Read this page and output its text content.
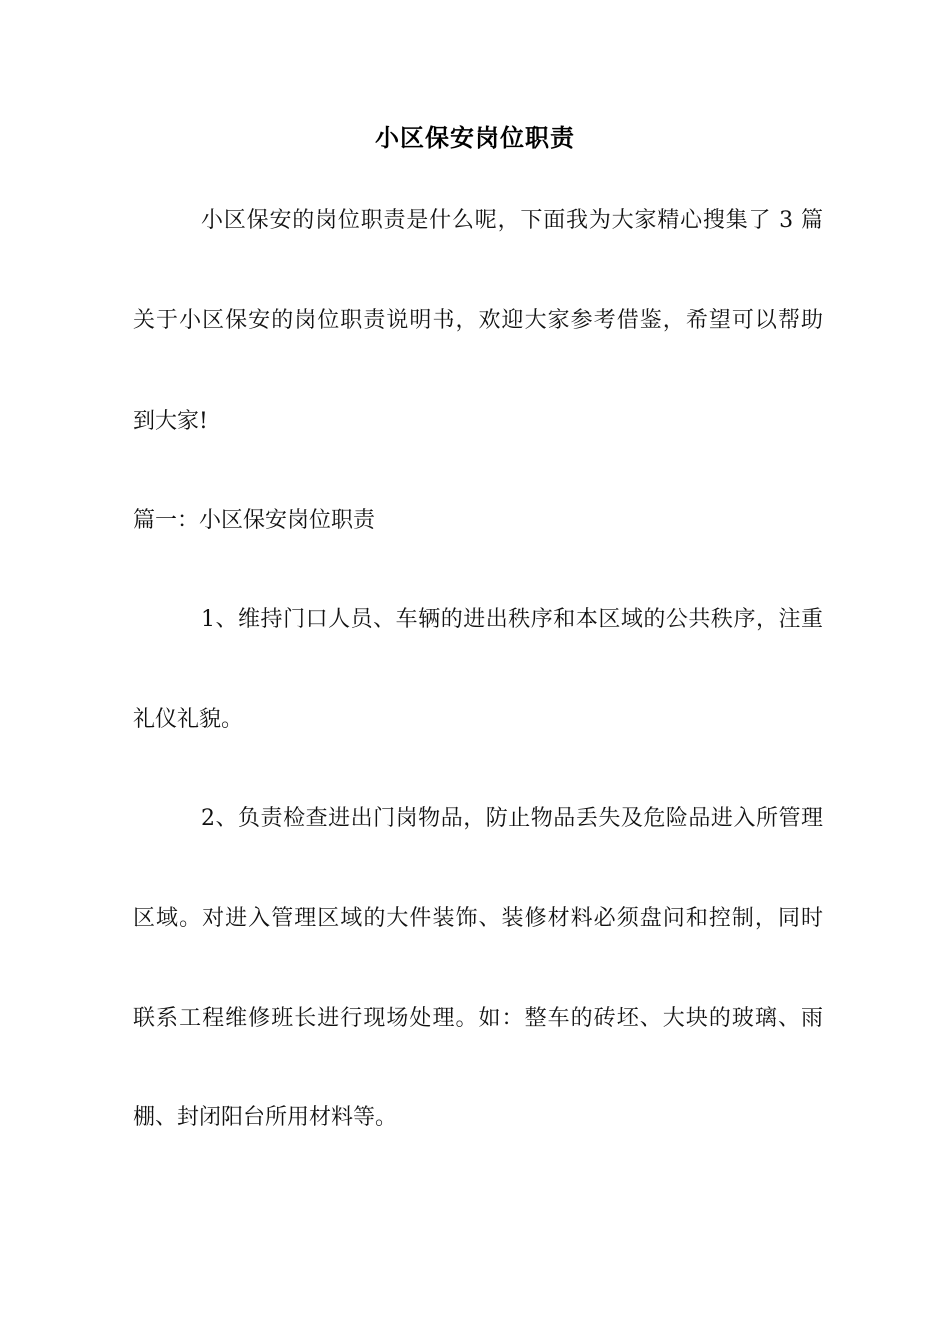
小区保安岗位职责
小区保安的岗位职责是什么呢，下面我为大家精心搜集了 3 篇
关于小区保安的岗位职责说明书，欢迎大家参考借鉴，希望可以帮助
到大家!
篇一：小区保安岗位职责
1、维持门口人员、车辆的进出秩序和本区域的公共秩序，注重
礼仪礼貌。
2、负责检查进出门岗物品，防止物品丢失及危险品进入所管理
区域。对进入管理区域的大件装饰、装修材料必须盘问和控制，同时
联系工程维修班长进行现场处理。如：整车的砖坯、大块的玻璃、雨
棚、封闭阳台所用材料等。
